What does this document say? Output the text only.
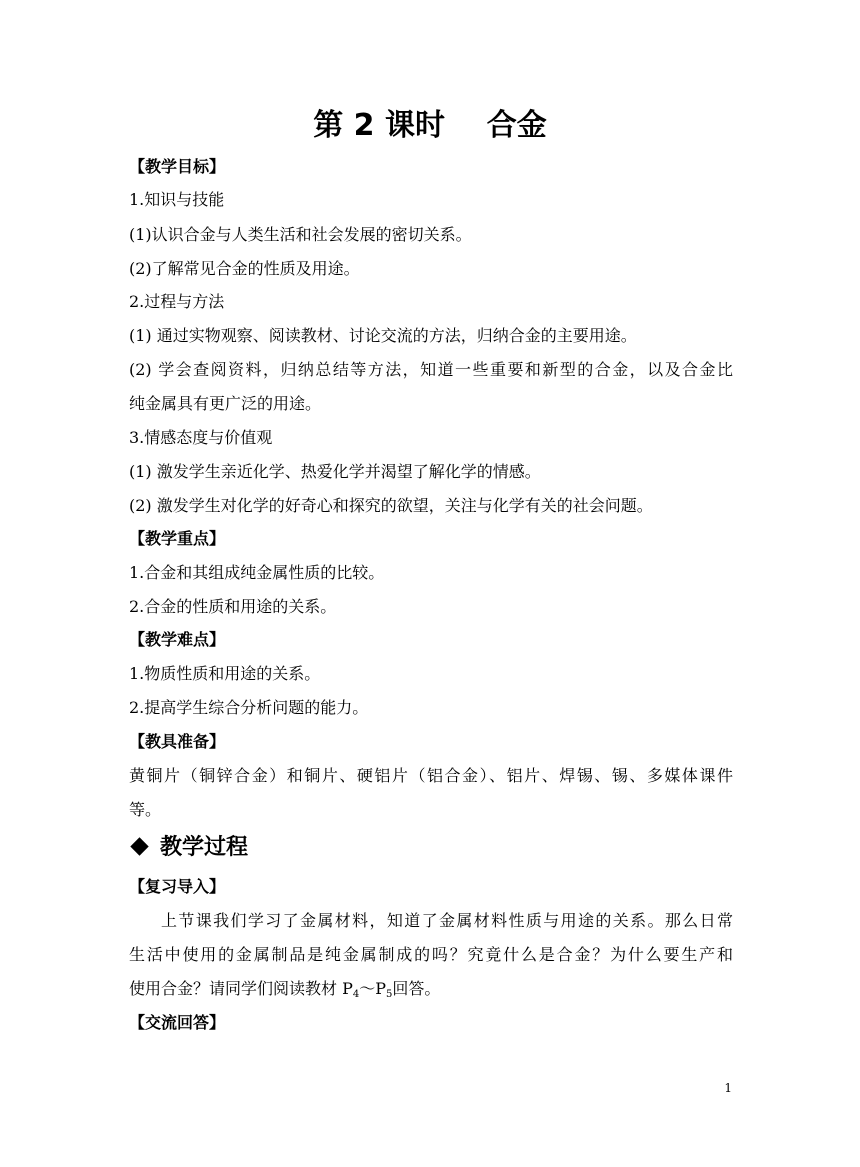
第 2 课时    合金

【教学目标】

1.知识与技能

(1)认识合金与人类生活和社会发展的密切关系。

(2)了解常见合金的性质及用途。

2.过程与方法

(1) 通过实物观察、阅读教材、讨论交流的方法，归纳合金的主要用途。

(2) 学会查阅资料，归纳总结等方法，知道一些重要和新型的合金，以及合金比

纯金属具有更广泛的用途。

3.情感态度与价值观

(1) 激发学生亲近化学、热爱化学并渴望了解化学的情感。

(2) 激发学生对化学的好奇心和探究的欲望，关注与化学有关的社会问题。

【教学重点】

1.合金和其组成纯金属性质的比较。

2.合金的性质和用途的关系。

【教学难点】

1.物质性质和用途的关系。

2.提高学生综合分析问题的能力。

【教具准备】

黄铜片（铜锌合金）和铜片、硬铝片（铝合金）、铝片、焊锡、锡、多媒体课件

等。

教学过程

【复习导入】

上节课我们学习了金属材料，知道了金属材料性质与用途的关系。那么日常

生活中使用的金属制品是纯金属制成的吗？究竟什么是合金？为什么要生产和

使用合金？请同学们阅读教材 $P_4\sim P_5$回答。

【交流回答】

1
